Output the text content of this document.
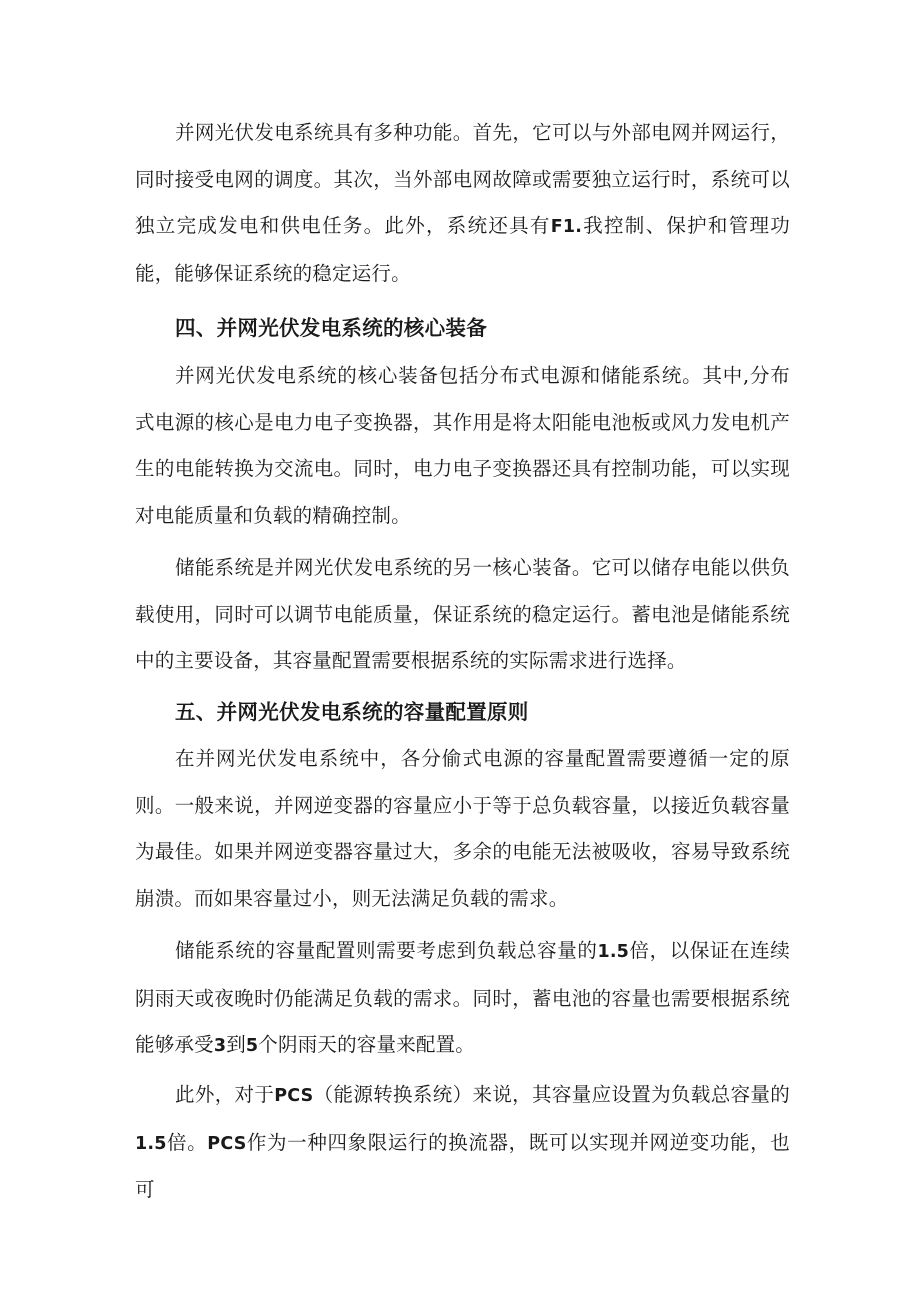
并网光伏发电系统具有多种功能。首先，它可以与外部电网并网运行，同时接受电网的调度。其次，当外部电网故障或需要独立运行时，系统可以独立完成发电和供电任务。此外，系统还具有F1.我控制、保护和管理功能，能够保证系统的稳定运行。

四、并网光伏发电系统的核心装备

并网光伏发电系统的核心装备包括分布式电源和储能系统。其中,分布式电源的核心是电力电子变换器，其作用是将太阳能电池板或风力发电机产生的电能转换为交流电。同时，电力电子变换器还具有控制功能，可以实现对电能质量和负载的精确控制。

储能系统是并网光伏发电系统的另一核心装备。它可以储存电能以供负载使用，同时可以调节电能质量，保证系统的稳定运行。蓄电池是储能系统中的主要设备，其容量配置需要根据系统的实际需求进行选择。

五、并网光伏发电系统的容量配置原则

在并网光伏发电系统中，各分偷式电源的容量配置需要遵循一定的原则。一般来说，并网逆变器的容量应小于等于总负载容量，以接近负载容量为最佳。如果并网逆变器容量过大，多余的电能无法被吸收，容易导致系统崩溃。而如果容量过小，则无法满足负载的需求。

储能系统的容量配置则需要考虑到负载总容量的1.5倍，以保证在连续阴雨天或夜晚时仍能满足负载的需求。同时，蓄电池的容量也需要根据系统能够承受3到5个阴雨天的容量来配置。

此外，对于PCS（能源转换系统）来说，其容量应设置为负载总容量的1.5倍。PCS作为一种四象限运行的换流器，既可以实现并网逆变功能，也可
